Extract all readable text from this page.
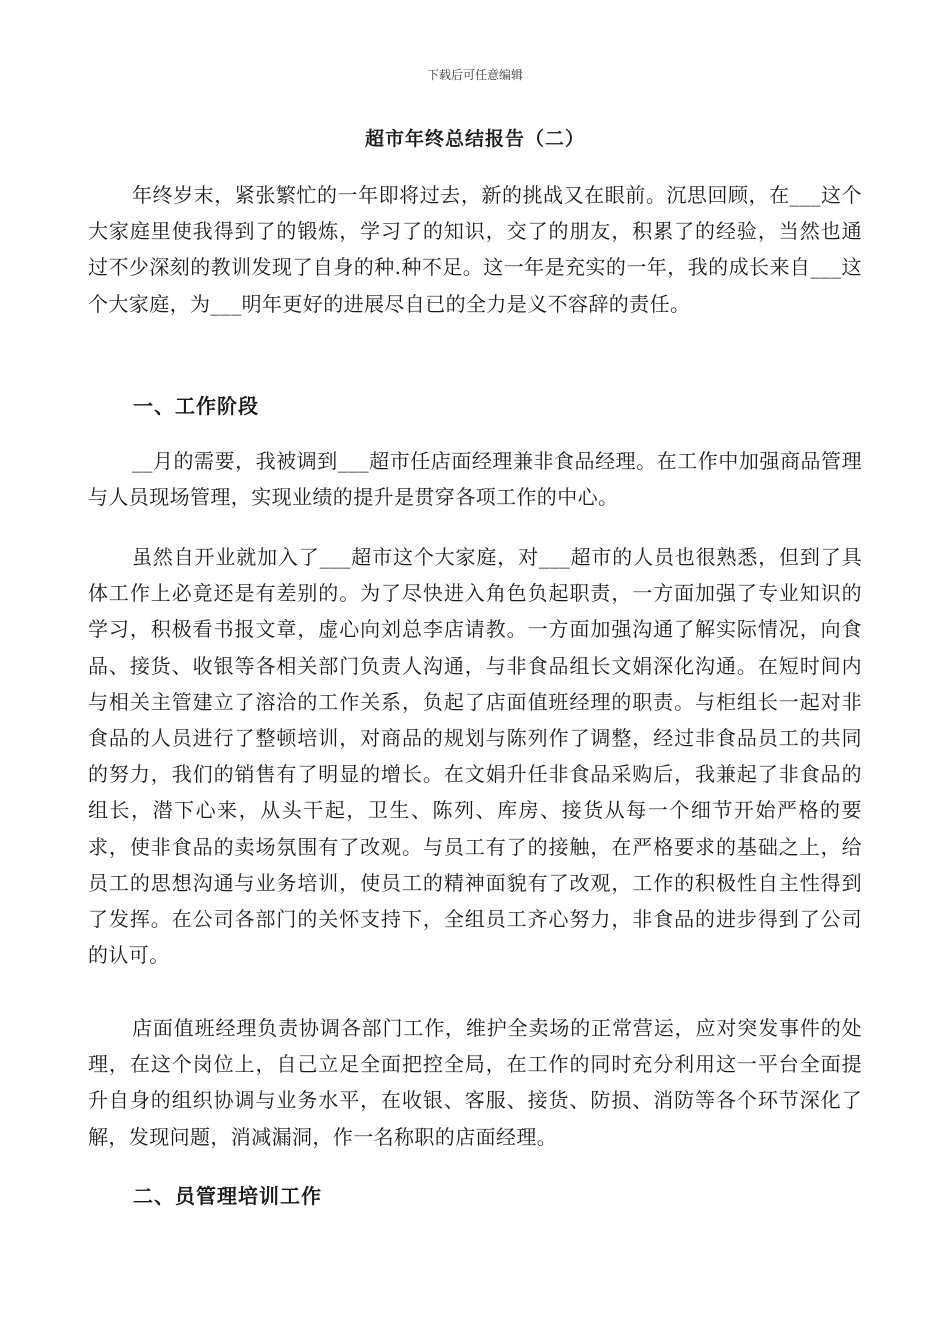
下载后可任意编辑
超市年终总结报告（二）

年终岁末，紧张繁忙的一年即将过去，新的挑战又在眼前。沉思回顾，在___这个大家庭里使我得到了的锻炼，学习了的知识，交了的朋友，积累了的经验，当然也通过不少深刻的教训发现了自身的种.种不足。这一年是充实的一年，我的成长来自___这个大家庭，为___明年更好的进展尽自已的全力是义不容辞的责任。

一、工作阶段

__月的需要，我被调到___超市任店面经理兼非食品经理。在工作中加强商品管理与人员现场管理，实现业绩的提升是贯穿各项工作的中心。

虽然自开业就加入了___超市这个大家庭，对___超市的人员也很熟悉，但到了具体工作上必竟还是有差别的。为了尽快进入角色负起职责，一方面加强了专业知识的学习，积极看书报文章，虚心向刘总李店请教。一方面加强沟通了解实际情况，向食品、接货、收银等各相关部门负责人沟通，与非食品组长文娟深化沟通。在短时间内与相关主管建立了溶洽的工作关系，负起了店面值班经理的职责。与柜组长一起对非食品的人员进行了整顿培训，对商品的规划与陈列作了调整，经过非食品员工的共同的努力，我们的销售有了明显的增长。在文娟升任非食品采购后，我兼起了非食品的组长，潜下心来，从头干起，卫生、陈列、库房、接货从每一个细节开始严格的要求，使非食品的卖场氛围有了改观。与员工有了的接触，在严格要求的基础之上，给员工的思想沟通与业务培训，使员工的精神面貌有了改观，工作的积极性自主性得到了发挥。在公司各部门的关怀支持下，全组员工齐心努力，非食品的进步得到了公司的认可。

店面值班经理负责协调各部门工作，维护全卖场的正常营运，应对突发事件的处理，在这个岗位上，自己立足全面把控全局，在工作的同时充分利用这一平台全面提升自身的组织协调与业务水平，在收银、客服、接货、防损、消防等各个环节深化了解，发现问题，消减漏洞，作一名称职的店面经理。

二、员管理培训工作
